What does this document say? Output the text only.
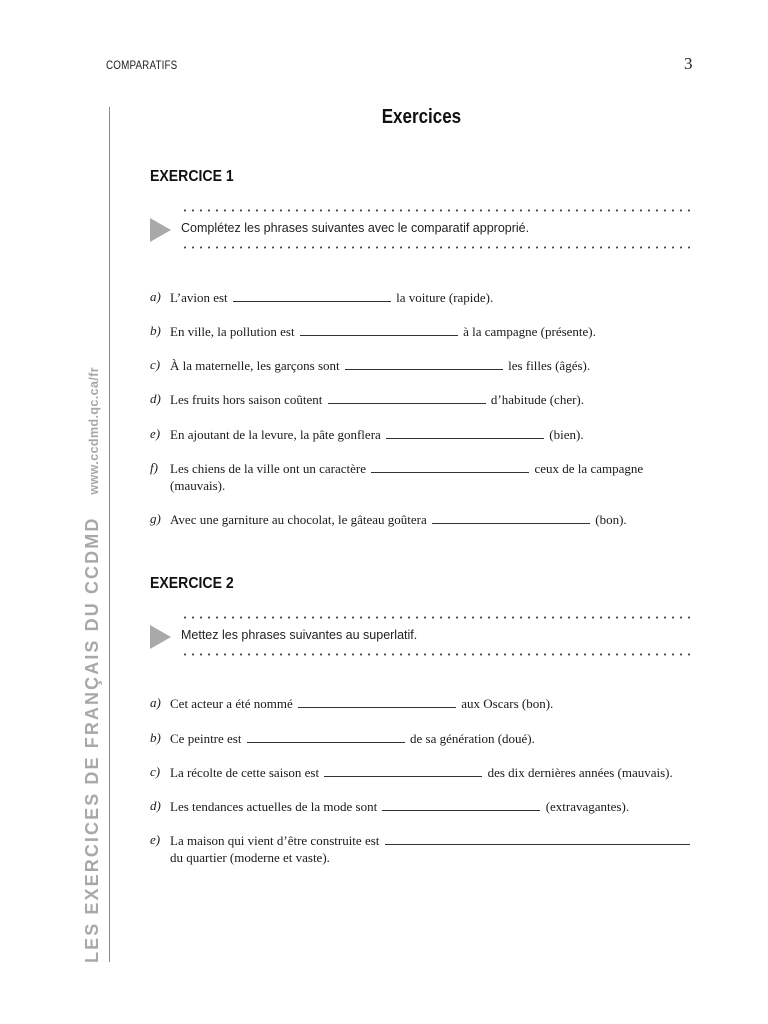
COMPARATIFS	3
LES EXERCICES DE FRANÇAIS DU CCDMDwww.ccdmd.qc.ca/fr
Exercices
EXERCICE 1
Complétez les phrases suivantes avec le comparatif approprié.
a) L’avion est	la voiture (rapide).
b) En ville, la pollution est	à la campagne (présente).
c) À la maternelle, les garçons sont	les filles (âgés).
d) Les fruits hors saison coûtent	d’habitude (cher).
e) En ajoutant de la levure, la pâte gonflera	(bien).
f) Les chiens de la ville ont un caractère	ceux de la campagne (mauvais).
g) Avec une garniture au chocolat, le gâteau goûtera	(bon).
EXERCICE 2
Mettez les phrases suivantes au superlatif.
a) Cet acteur a été nommé	aux Oscars (bon).
b) Ce peintre est	de sa génération (doué).
c) La récolte de cette saison est	des dix dernières années (mauvais).
d) Les tendances actuelles de la mode sont	(extravagantes).
e) La maison qui vient d’être construite est  du quartier (moderne et vaste).
